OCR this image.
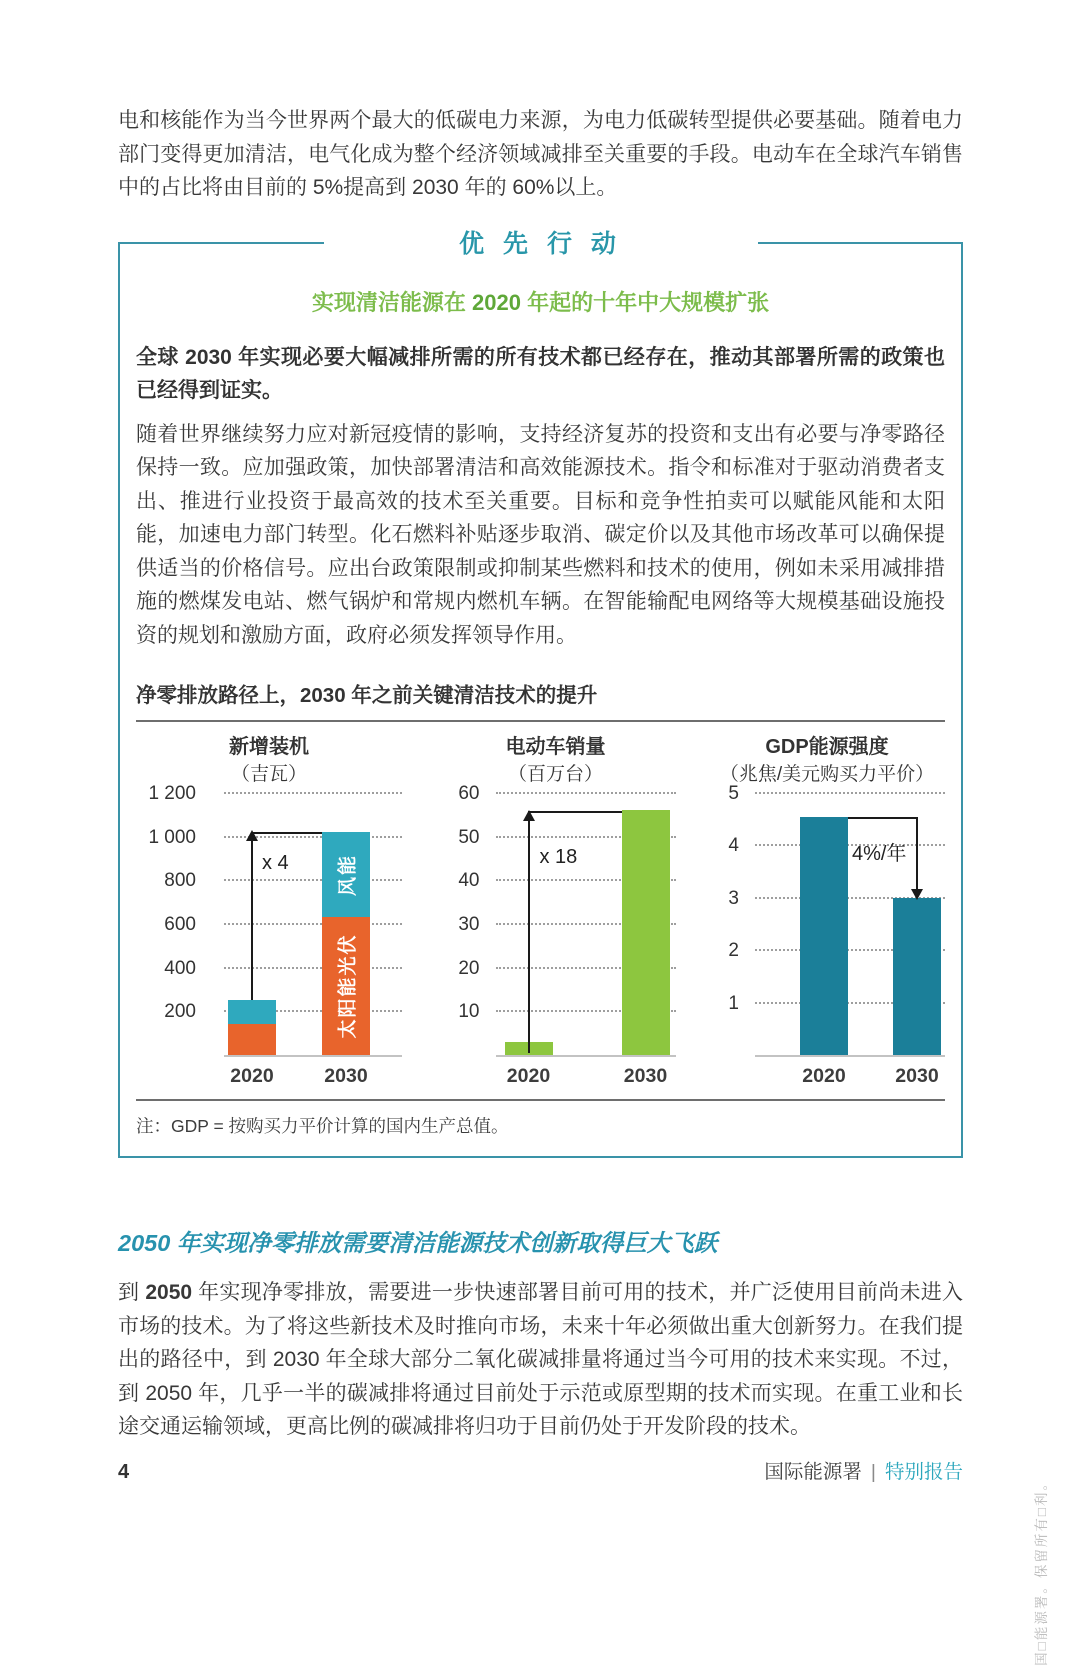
电和核能作为当今世界两个最大的低碳电力来源，为电力低碳转型提供必要基础。随着电力部门变得更加清洁，电气化成为整个经济领域减排至关重要的手段。电动车在全球汽车销售中的占比将由目前的 5%提高到 2030 年的 60%以上。

优 先 行 动
实现清洁能源在 2020 年起的十年中大规模扩张

全球 2030 年实现必要大幅减排所需的所有技术都已经存在，推动其部署所需的政策也已经得到证实。

随着世界继续努力应对新冠疫情的影响，支持经济复苏的投资和支出有必要与净零路径保持一致。应加强政策，加快部署清洁和高效能源技术。指令和标准对于驱动消费者支出、推进行业投资于最高效的技术至关重要。目标和竞争性拍卖可以赋能风能和太阳能，加速电力部门转型。化石燃料补贴逐步取消、碳定价以及其他市场改革可以确保提供适当的价格信号。应出台政策限制或抑制某些燃料和技术的使用，例如未采用减排措施的燃煤发电站、燃气锅炉和常规内燃机车辆。在智能输配电网络等大规模基础设施投资的规划和激励方面，政府必须发挥领导作用。

净零排放路径上，2030 年之前关键清洁技术的提升
新增装机
（吉瓦）
200
400
600
800
1 000
1 200
x 4
太阳能光伏
风能
2020	2030
电动车销量
（百万台）
10
20
30
40
50
60
x 18
2020	2030
GDP能源强度
（兆焦/美元购买力平价）
1
2
3
4
5
4%/年
2020	2030
注：GDP = 按购买力平价计算的国内生产总值。
2050 年实现净零排放需要清洁能源技术创新取得巨大飞跃

到 2050 年实现净零排放，需要进一步快速部署目前可用的技术，并广泛使用目前尚未进入市场的技术。为了将这些新技术及时推向市场，未来十年必须做出重大创新努力。在我们提出的路径中，到 2030 年全球大部分二氧化碳减排量将通过当今可用的技术来实现。不过，到 2050 年，几乎一半的碳减排将通过目前处于示范或原型期的技术而实现。在重工业和长途交通运输领域，更高比例的碳减排将归功于目前仍处于开发阶段的技术。

4	国际能源署 | 特别报告
国□能源署。保留所有□利。
